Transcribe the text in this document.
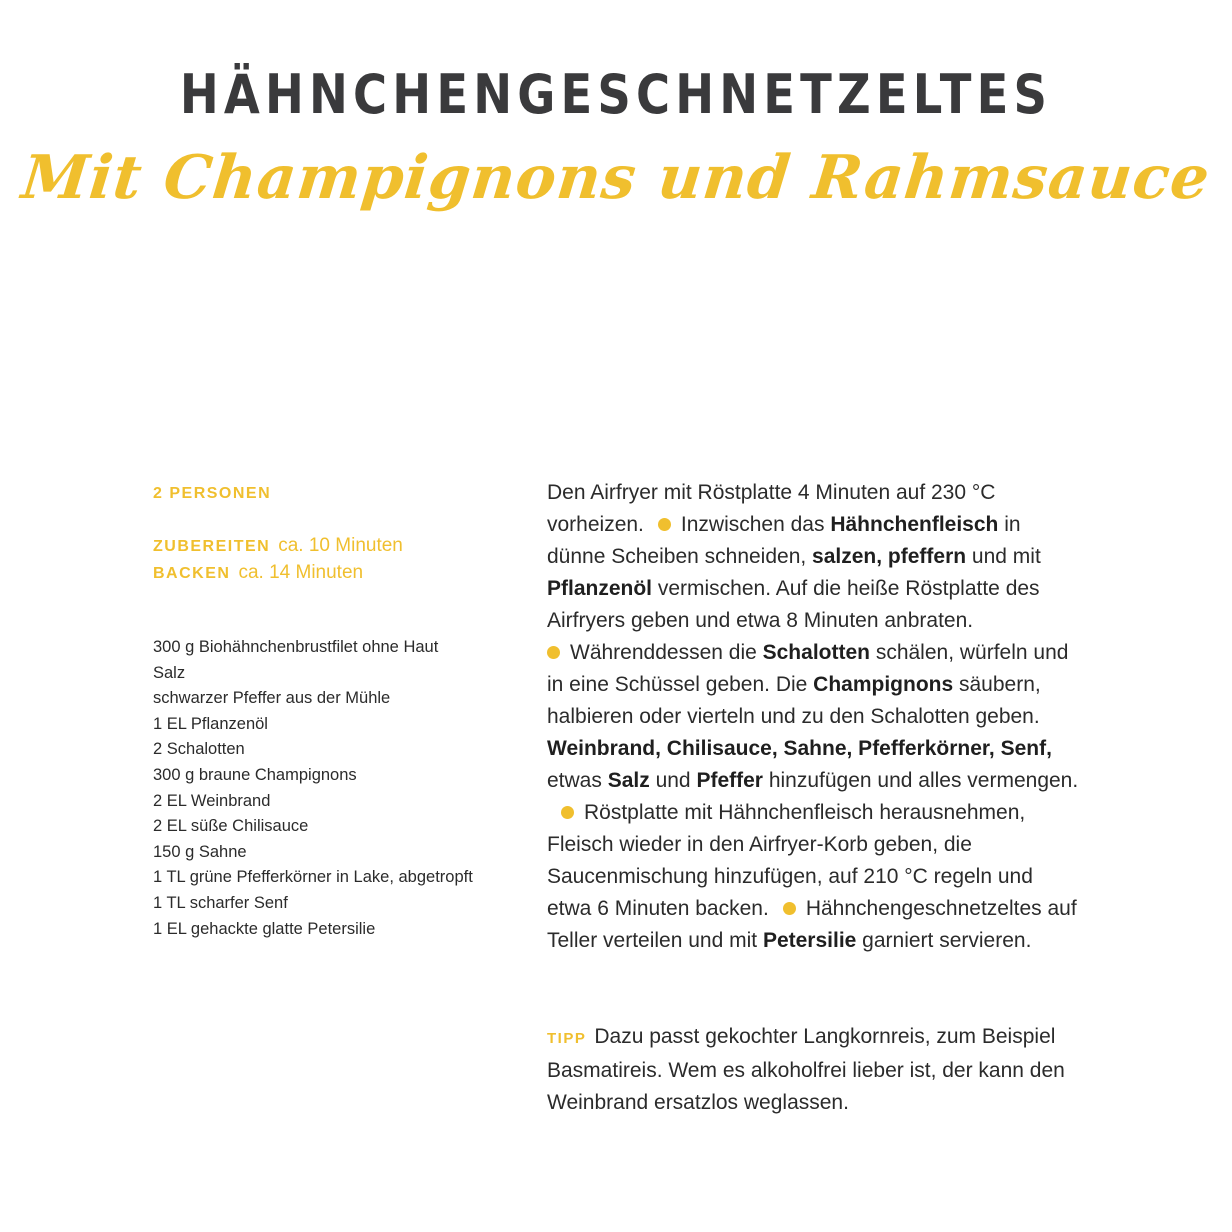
HÄHNCHENGESCHNETZELTES
Mit Champignons und Rahmsauce
2 PERSONEN
ZUBEREITEN ca. 10 Minuten
BACKEN ca. 14 Minuten
300 g Biohähnchenbrustfilet ohne Haut
Salz
schwarzer Pfeffer aus der Mühle
1 EL Pflanzenöl
2 Schalotten
300 g braune Champignons
2 EL Weinbrand
2 EL süße Chilisauce
150 g Sahne
1 TL grüne Pfefferkörner in Lake, abgetropft
1 TL scharfer Senf
1 EL gehackte glatte Petersilie

Den Airfryer mit Röstplatte 4 Minuten auf 230 °C vorheizen. Inzwischen das Hähnchenfleisch in dünne Scheiben schneiden, salzen, pfeffern und mit Pflanzenöl vermischen. Auf die heiße Röstplatte des Airfryers geben und etwa 8 Minuten anbraten.
Währenddessen die Schalotten schälen, würfeln und in eine Schüssel geben. Die Champignons säubern, halbieren oder vierteln und zu den Schalotten geben. Weinbrand, Chilisauce, Sahne, Pfefferkörner, Senf, etwas Salz und Pfeffer hinzufügen und alles vermengen.Röstplatte mit Hähnchenfleisch herausnehmen, Fleisch wieder in den Airfryer-Korb geben, die Saucenmischung hinzufügen, auf 210 °C regeln und etwa 6 Minuten backen. Hähnchengeschnetzeltes auf Teller verteilen und mit Petersilie garniert servieren.

TIPP Dazu passt gekochter Langkornreis, zum Beispiel Basmatireis. Wem es alkoholfrei lieber ist, der kann den Weinbrand ersatzlos weglassen.
